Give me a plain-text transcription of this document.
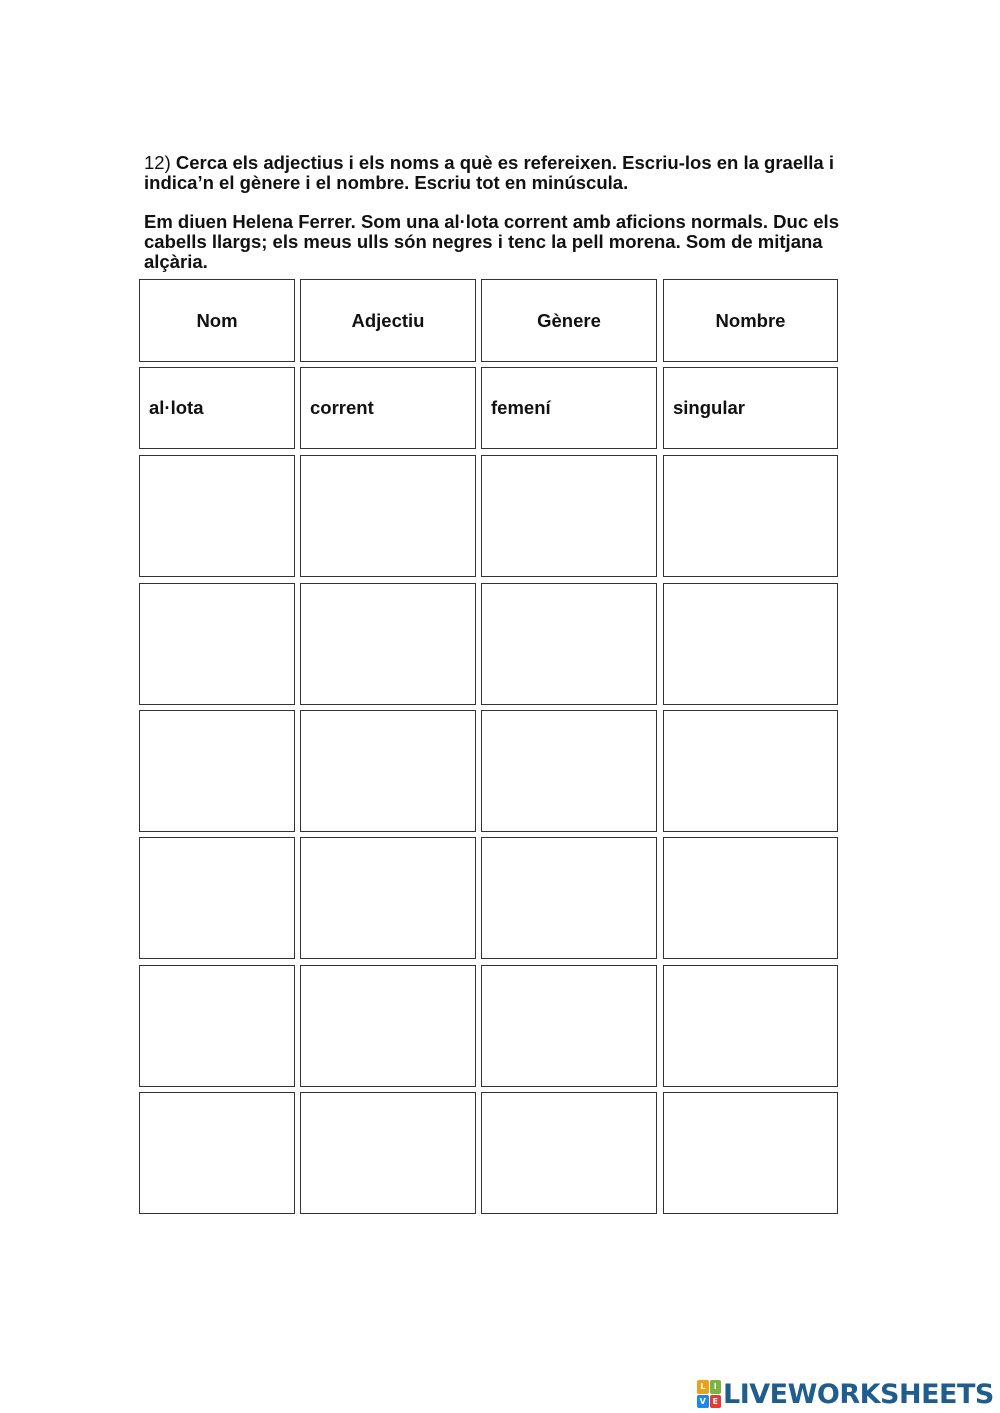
12) Cerca els adjectius i els noms a què es refereixen. Escriu-los en la graella i indica’n el gènere i el nombre. Escriu tot en minúscula.
Em diuen Helena Ferrer. Som una al·lota corrent amb aficions normals. Duc els cabells llargs; els meus ulls són negres i tenc la pell morena. Som de mitjana alçària.
Nom	Adjectiu	Gènere	Nombre
al·lota	corrent	femení	singular
L	I
V E LIVEWORKSHEETS
